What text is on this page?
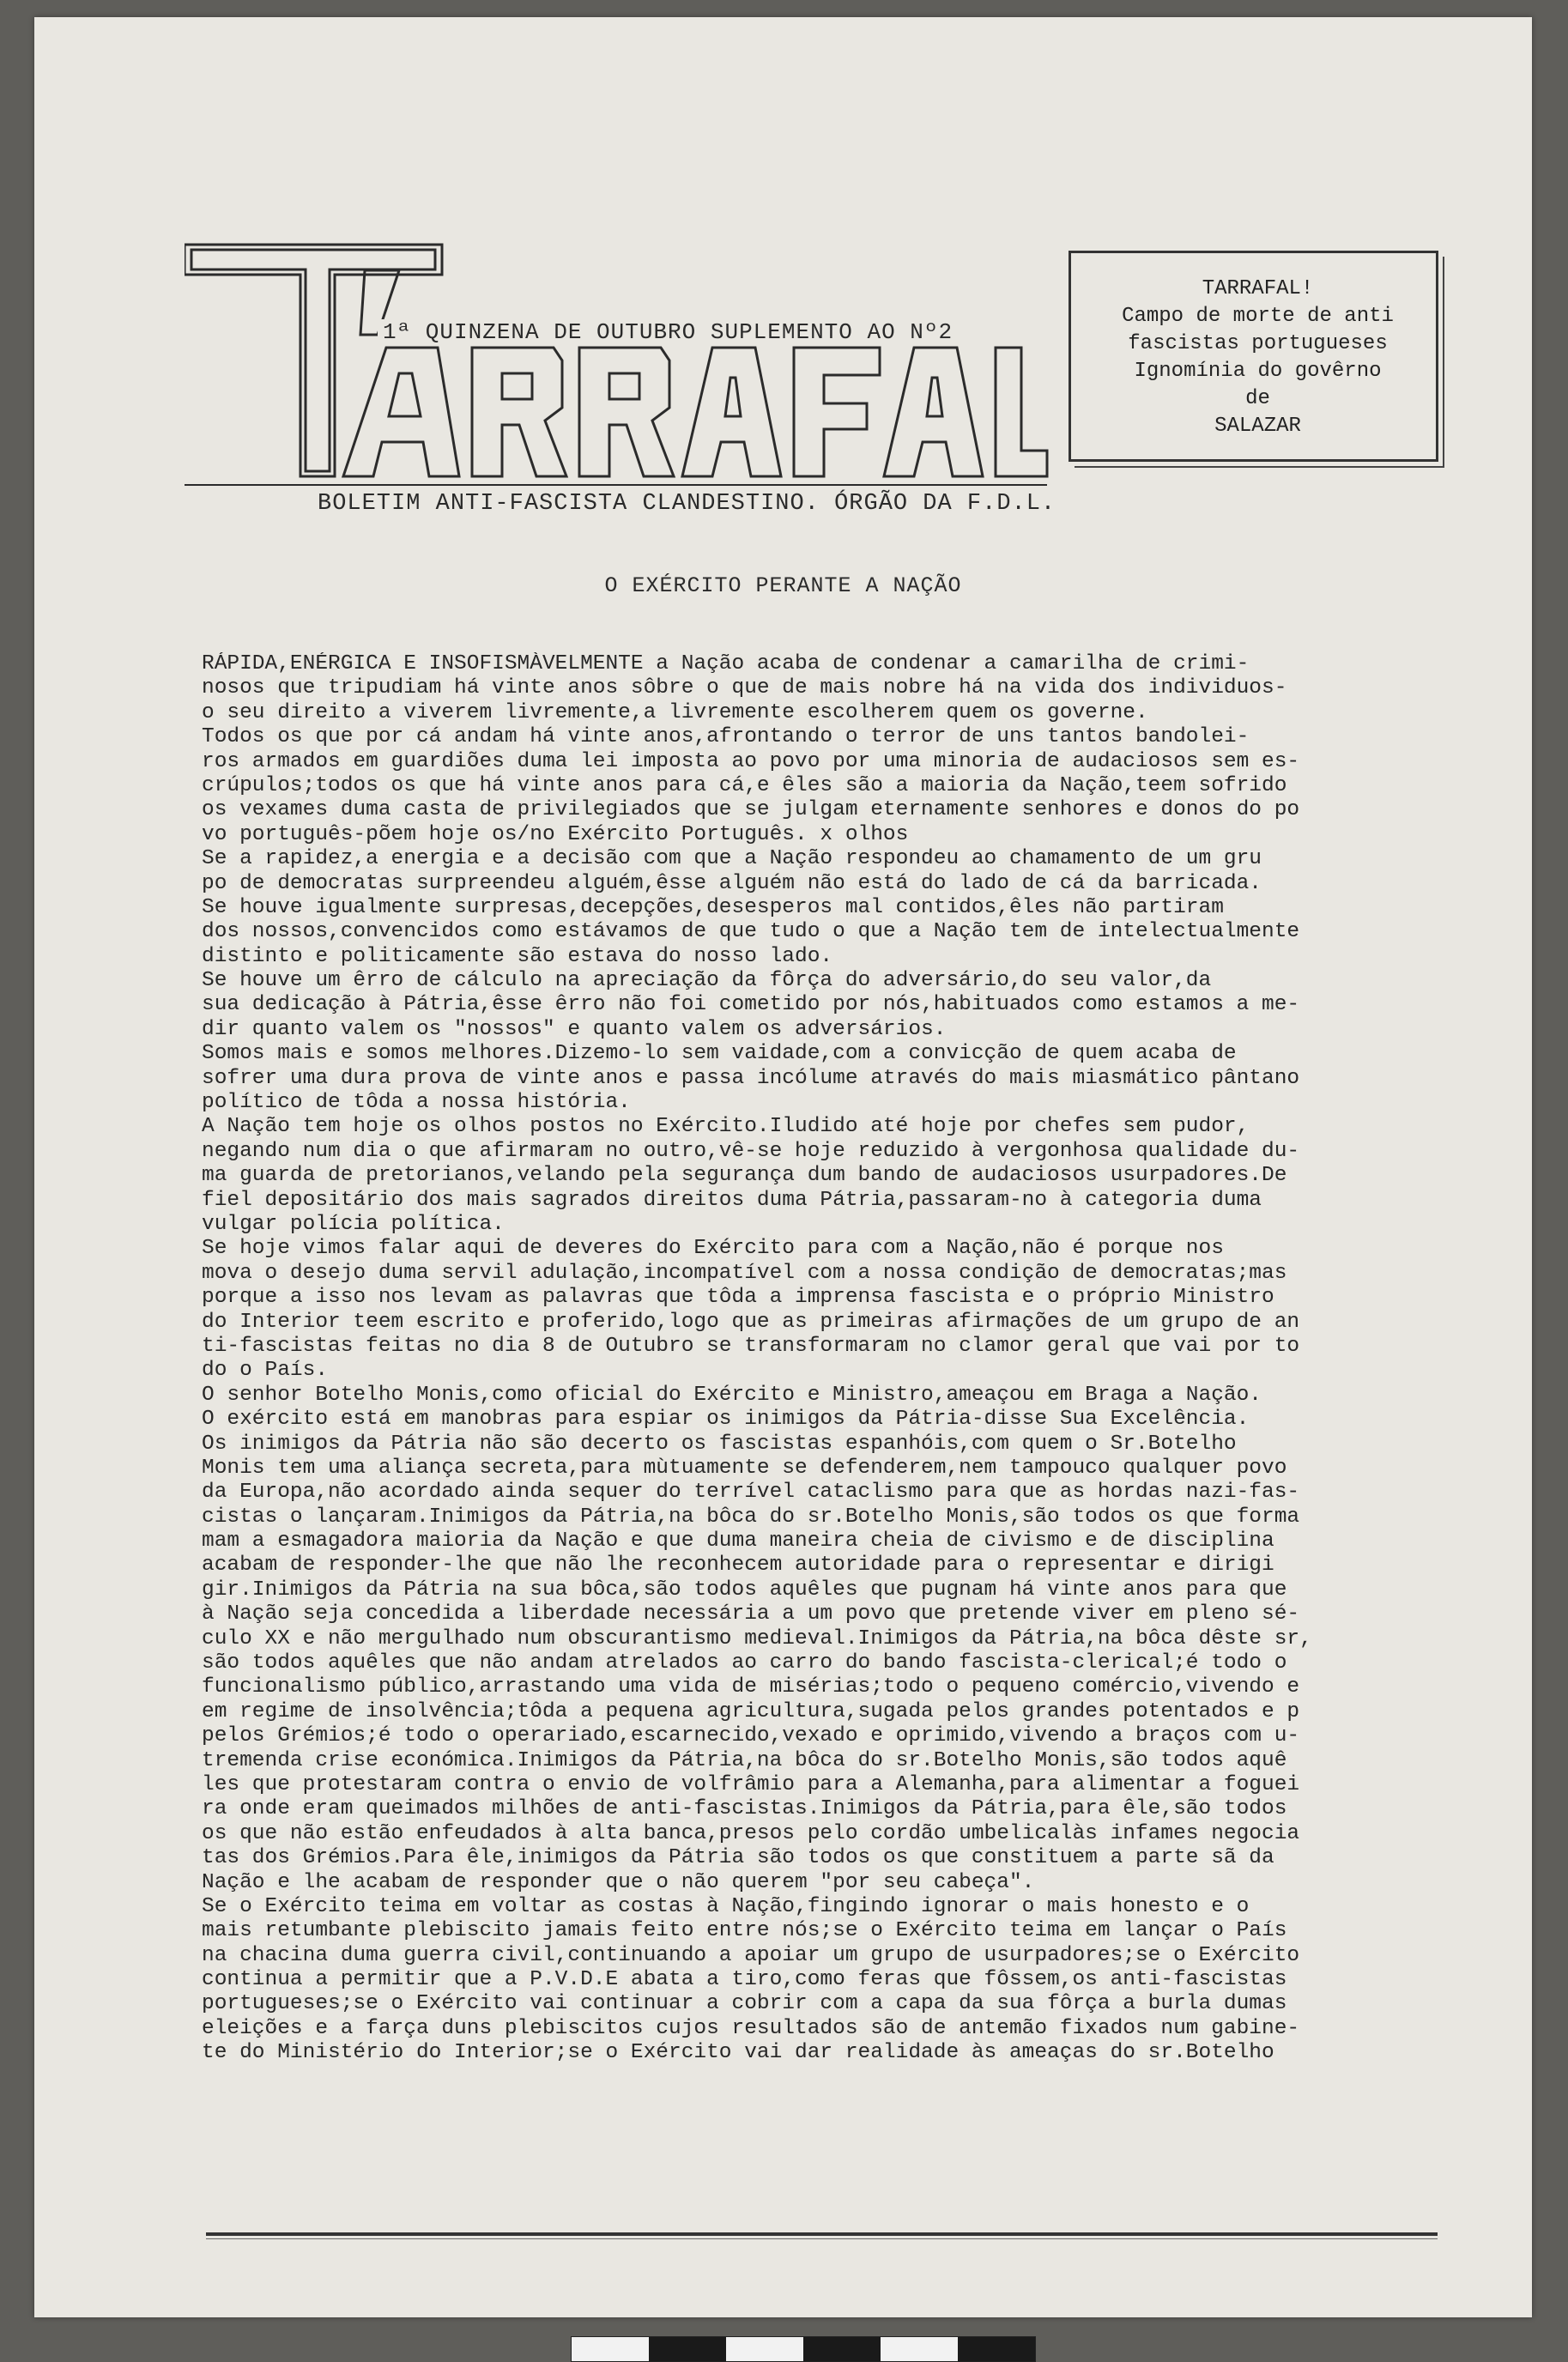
1ª QUINZENA DE OUTUBRO SUPLEMENTO AO Nº2
BOLETIM ANTI-FASCISTA CLANDESTINO. ÓRGÃO DA F.D.L.
TARRAFAL!
Campo de morte de anti
fascistas portugueses
Ignomínia do govêrno
de
SALAZAR
O EXÉRCITO PERANTE A NAÇÃO
RÁPIDA,ENÉRGICA E INSOFISMÀVELMENTE a Nação acaba de condenar a camarilha de crimi-
nosos que tripudiam há vinte anos sôbre o que de mais nobre há na vida dos individuos-
o seu direito a viverem livremente,a livremente escolherem quem os governe.
Todos os que por cá andam há vinte anos,afrontando o terror de uns tantos bandolei-
ros armados em guardiões duma lei imposta ao povo por uma minoria de audaciosos sem es-
crúpulos;todos os que há vinte anos para cá,e êles são a maioria da Nação,teem sofrido
os vexames duma casta de privilegiados que se julgam eternamente senhores e donos do po
vo português-põem hoje os/no Exército Português. x olhos
Se a rapidez,a energia e a decisão com que a Nação respondeu ao chamamento de um gru
po de democratas surpreendeu alguém,êsse alguém não está do lado de cá da barricada.
Se houve igualmente surpresas,decepções,desesperos mal contidos,êles não partiram
dos nossos,convencidos como estávamos de que tudo o que a Nação tem de intelectualmente
distinto e politicamente são estava do nosso lado.
Se houve um êrro de cálculo na apreciação da fôrça do adversário,do seu valor,da
sua dedicação à Pátria,êsse êrro não foi cometido por nós,habituados como estamos a me-
dir quanto valem os "nossos" e quanto valem os adversários.
Somos mais e somos melhores.Dizemo-lo sem vaidade,com a convicção de quem acaba de
sofrer uma dura prova de vinte anos e passa incólume através do mais miasmático pântano
político de tôda a nossa história.
A Nação tem hoje os olhos postos no Exército.Iludido até hoje por chefes sem pudor,
negando num dia o que afirmaram no outro,vê-se hoje reduzido à vergonhosa qualidade du-
ma guarda de pretorianos,velando pela segurança dum bando de audaciosos usurpadores.De
fiel depositário dos mais sagrados direitos duma Pátria,passaram-no à categoria duma
vulgar polícia política.
Se hoje vimos falar aqui de deveres do Exército para com a Nação,não é porque nos
mova o desejo duma servil adulação,incompatível com a nossa condição de democratas;mas
porque a isso nos levam as palavras que tôda a imprensa fascista e o próprio Ministro
do Interior teem escrito e proferido,logo que as primeiras afirmações de um grupo de an
ti-fascistas feitas no dia 8 de Outubro se transformaram no clamor geral que vai por to
do o País.
O senhor Botelho Monis,como oficial do Exército e Ministro,ameaçou em Braga a Nação.
O exército está em manobras para espiar os inimigos da Pátria-disse Sua Excelência.
Os inimigos da Pátria não são decerto os fascistas espanhóis,com quem o Sr.Botelho
Monis tem uma aliança secreta,para mùtuamente se defenderem,nem tampouco qualquer povo
da Europa,não acordado ainda sequer do terrível cataclismo para que as hordas nazi-fas-
cistas o lançaram.Inimigos da Pátria,na bôca do sr.Botelho Monis,são todos os que forma
mam a esmagadora maioria da Nação e que duma maneira cheia de civismo e de disciplina
acabam de responder-lhe que não lhe reconhecem autoridade para o representar e dirigi
gir.Inimigos da Pátria na sua bôca,são todos aquêles que pugnam há vinte anos para que
à Nação seja concedida a liberdade necessária a um povo que pretende viver em pleno sé-
culo XX e não mergulhado num obscurantismo medieval.Inimigos da Pátria,na bôca dêste sr,
são todos aquêles que não andam atrelados ao carro do bando fascista-clerical;é todo o
funcionalismo público,arrastando uma vida de misérias;todo o pequeno comércio,vivendo e
em regime de insolvência;tôda a pequena agricultura,sugada pelos grandes potentados e p
pelos Grémios;é todo o operariado,escarnecido,vexado e oprimido,vivendo a braços com u-
tremenda crise económica.Inimigos da Pátria,na bôca do sr.Botelho Monis,são todos aquê
les que protestaram contra o envio de volfrâmio para a Alemanha,para alimentar a foguei
ra onde eram queimados milhões de anti-fascistas.Inimigos da Pátria,para êle,são todos
os que não estão enfeudados à alta banca,presos pelo cordão umbelicalàs infames negocia
tas dos Grémios.Para êle,inimigos da Pátria são todos os que constituem a parte sã da
Nação e lhe acabam de responder que o não querem "por seu cabeça".
Se o Exército teima em voltar as costas à Nação,fingindo ignorar o mais honesto e o
mais retumbante plebiscito jamais feito entre nós;se o Exército teima em lançar o País
na chacina duma guerra civil,continuando a apoiar um grupo de usurpadores;se o Exército
continua a permitir que a P.V.D.E abata a tiro,como feras que fôssem,os anti-fascistas
portugueses;se o Exército vai continuar a cobrir com a capa da sua fôrça a burla dumas
eleições e a farça duns plebiscitos cujos resultados são de antemão fixados num gabine-
te do Ministério do Interior;se o Exército vai dar realidade às ameaças do sr.Botelho
